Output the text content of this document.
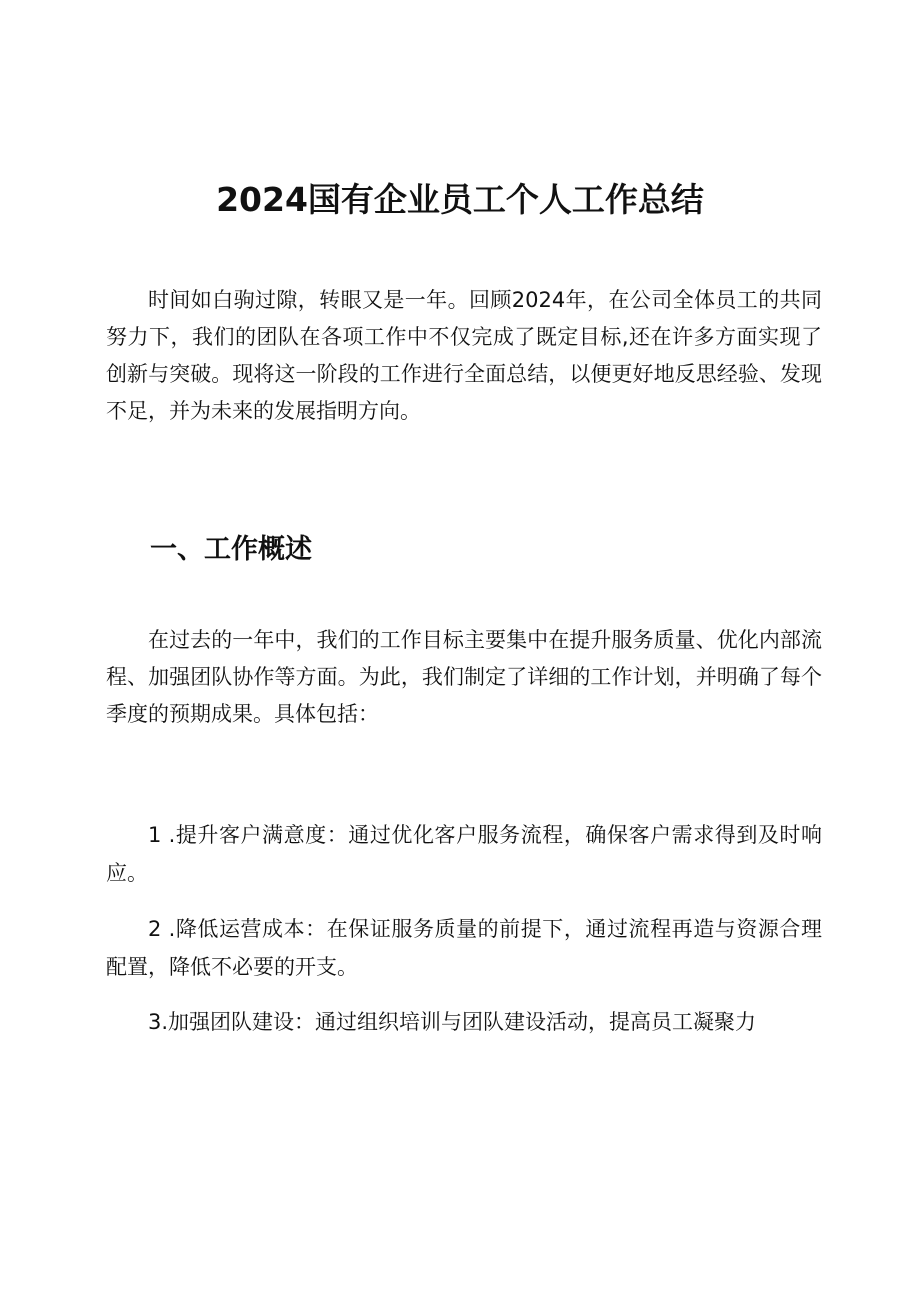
2024国有企业员工个人工作总结

时间如白驹过隙，转眼又是一年。回顾2024年，在公司全体员工的共同努力下，我们的团队在各项工作中不仅完成了既定目标,还在许多方面实现了创新与突破。现将这一阶段的工作进行全面总结，以便更好地反思经验、发现不足，并为未来的发展指明方向。

一、工作概述

在过去的一年中，我们的工作目标主要集中在提升服务质量、优化内部流程、加强团队协作等方面。为此，我们制定了详细的工作计划，并明确了每个季度的预期成果。具体包括：

1 .提升客户满意度：通过优化客户服务流程，确保客户需求得到及时响应。

2 .降低运营成本：在保证服务质量的前提下，通过流程再造与资源合理配置，降低不必要的开支。

3.加强团队建设：通过组织培训与团队建设活动，提高员工凝聚力
